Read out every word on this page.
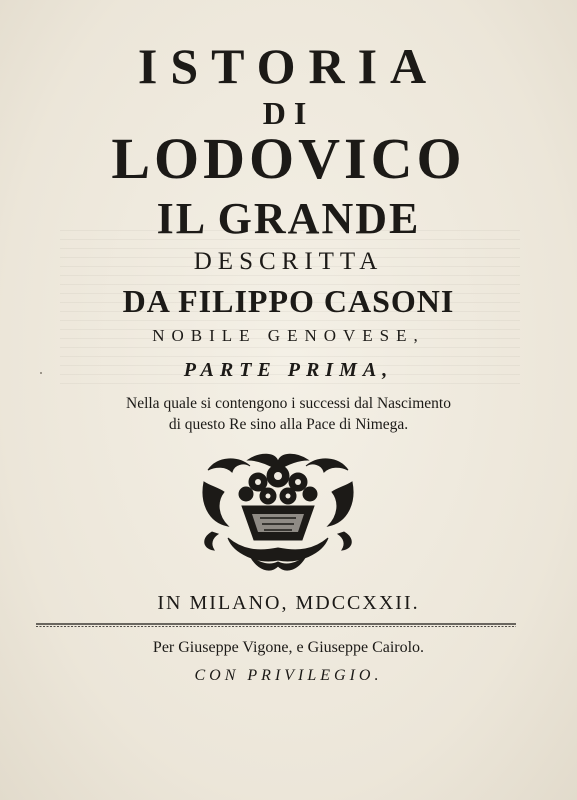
ISTORIA
DI
LODOVICO
IL GRANDE
DESCRITTA
DA FILIPPO CASONI
NOBILE GENOVESE,
PARTE PRIMA,
Nella quale si contengono i successi dal Nascimento
di questo Re sino alla Pace di Nimega.
IN MILANO, MDCCXXII.
Per Giuseppe Vigone, e Giuseppe Cairolo.
CON PRIVILEGIO.
